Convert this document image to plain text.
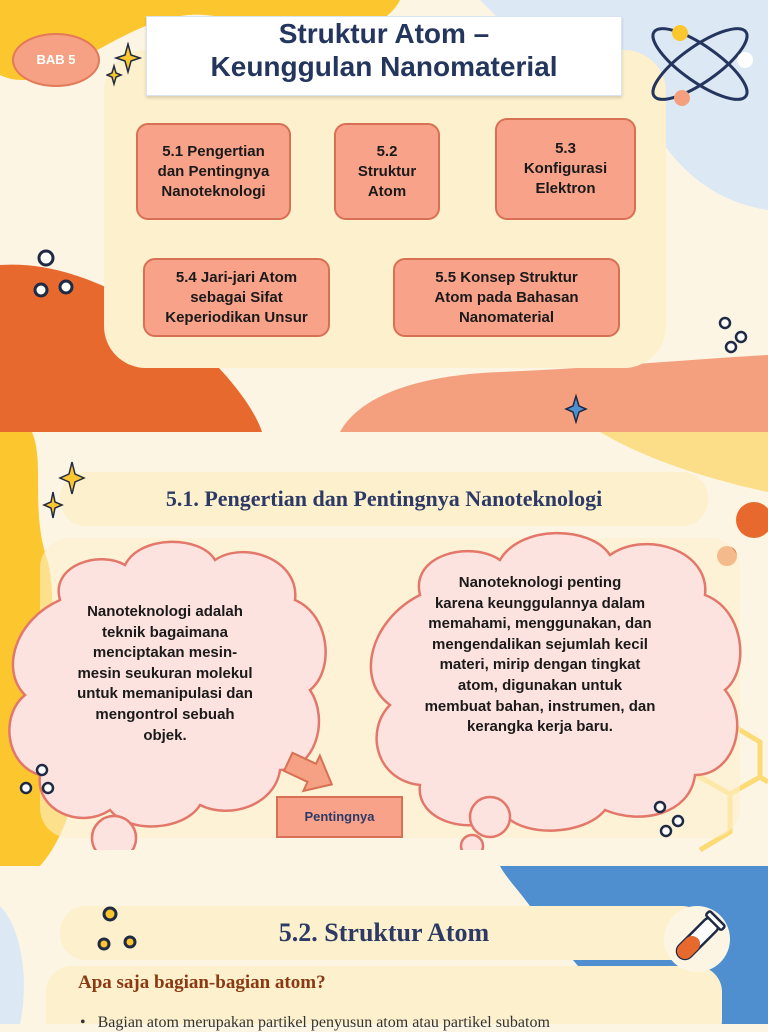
Struktur Atom –
Keunggulan Nanomaterial
BAB 5
5.1 Pengertian
dan Pentingnya
Nanoteknologi
5.2
Struktur
Atom
5.3
Konfigurasi
Elektron
5.4 Jari-jari Atom
sebagai Sifat
Keperiodikan Unsur
5.5 Konsep Struktur
Atom pada Bahasan
Nanomaterial
5.1. Pengertian dan Pentingnya Nanoteknologi
Nanoteknologi adalah
teknik bagaimana
menciptakan mesin-
mesin seukuran molekul
untuk memanipulasi dan
mengontrol sebuah
objek.
Nanoteknologi penting
karena keunggulannya dalam
memahami, menggunakan, dan
mengendalikan sejumlah kecil
materi, mirip dengan tingkat
atom, digunakan untuk
membuat bahan, instrumen, dan
kerangka kerja baru.
Pentingnya
5.2. Struktur Atom
Apa saja bagian-bagian atom?
•   Bagian atom merupakan partikel penyusun atom atau partikel subatom
